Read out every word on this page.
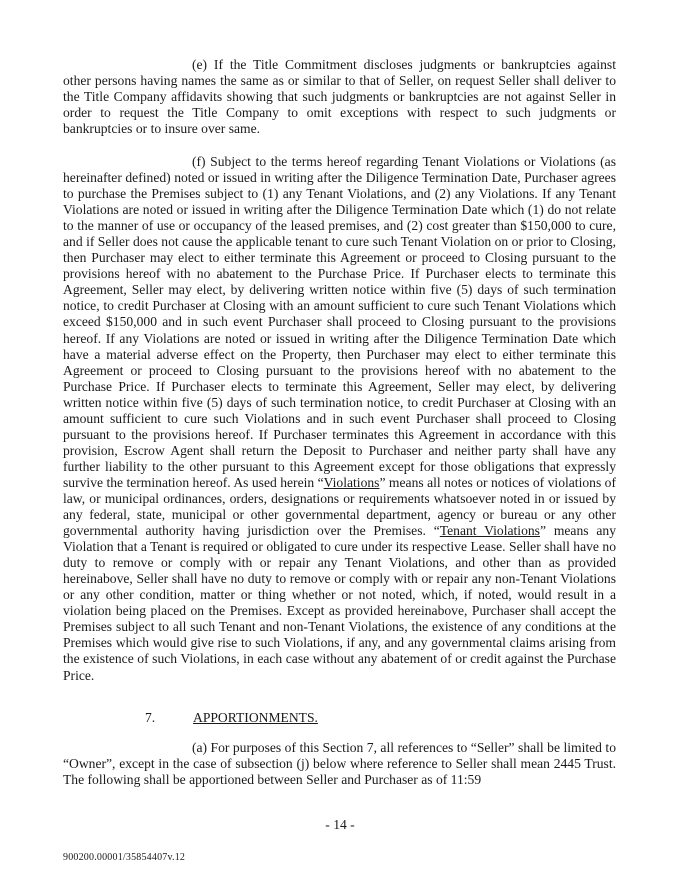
(e) If the Title Commitment discloses judgments or bankruptcies against other persons having names the same as or similar to that of Seller, on request Seller shall deliver to the Title Company affidavits showing that such judgments or bankruptcies are not against Seller in order to request the Title Company to omit exceptions with respect to such judgments or bankruptcies or to insure over same.

(f) Subject to the terms hereof regarding Tenant Violations or Violations (as hereinafter defined) noted or issued in writing after the Diligence Termination Date, Purchaser agrees to purchase the Premises subject to (1) any Tenant Violations, and (2) any Violations. If any Tenant Violations are noted or issued in writing after the Diligence Termination Date which (1) do not relate to the manner of use or occupancy of the leased premises, and (2) cost greater than $150,000 to cure, and if Seller does not cause the applicable tenant to cure such Tenant Violation on or prior to Closing, then Purchaser may elect to either terminate this Agreement or proceed to Closing pursuant to the provisions hereof with no abatement to the Purchase Price. If Purchaser elects to terminate this Agreement, Seller may elect, by delivering written notice within five (5) days of such termination notice, to credit Purchaser at Closing with an amount sufficient to cure such Tenant Violations which exceed $150,000 and in such event Purchaser shall proceed to Closing pursuant to the provisions hereof. If any Violations are noted or issued in writing after the Diligence Termination Date which have a material adverse effect on the Property, then Purchaser may elect to either terminate this Agreement or proceed to Closing pursuant to the provisions hereof with no abatement to the Purchase Price. If Purchaser elects to terminate this Agreement, Seller may elect, by delivering written notice within five (5) days of such termination notice, to credit Purchaser at Closing with an amount sufficient to cure such Violations and in such event Purchaser shall proceed to Closing pursuant to the provisions hereof. If Purchaser terminates this Agreement in accordance with this provision, Escrow Agent shall return the Deposit to Purchaser and neither party shall have any further liability to the other pursuant to this Agreement except for those obligations that expressly survive the termination hereof. As used herein “Violations” means all notes or notices of violations of law, or municipal ordinances, orders, designations or requirements whatsoever noted in or issued by any federal, state, municipal or other governmental department, agency or bureau or any other governmental authority having jurisdiction over the Premises. “Tenant Violations” means any Violation that a Tenant is required or obligated to cure under its respective Lease. Seller shall have no duty to remove or comply with or repair any Tenant Violations, and other than as provided hereinabove, Seller shall have no duty to remove or comply with or repair any non-Tenant Violations or any other condition, matter or thing whether or not noted, which, if noted, would result in a violation being placed on the Premises. Except as provided hereinabove, Purchaser shall accept the Premises subject to all such Tenant and non-Tenant Violations, the existence of any conditions at the Premises which would give rise to such Violations, if any, and any governmental claims arising from the existence of such Violations, in each case without any abatement of or credit against the Purchase Price.

7.	APPORTIONMENTS.

(a) For purposes of this Section 7, all references to “Seller” shall be limited to “Owner”, except in the case of subsection (j) below where reference to Seller shall mean 2445 Trust. The following shall be apportioned between Seller and Purchaser as of 11:59

- 14 -

900200.00001/35854407v.12
